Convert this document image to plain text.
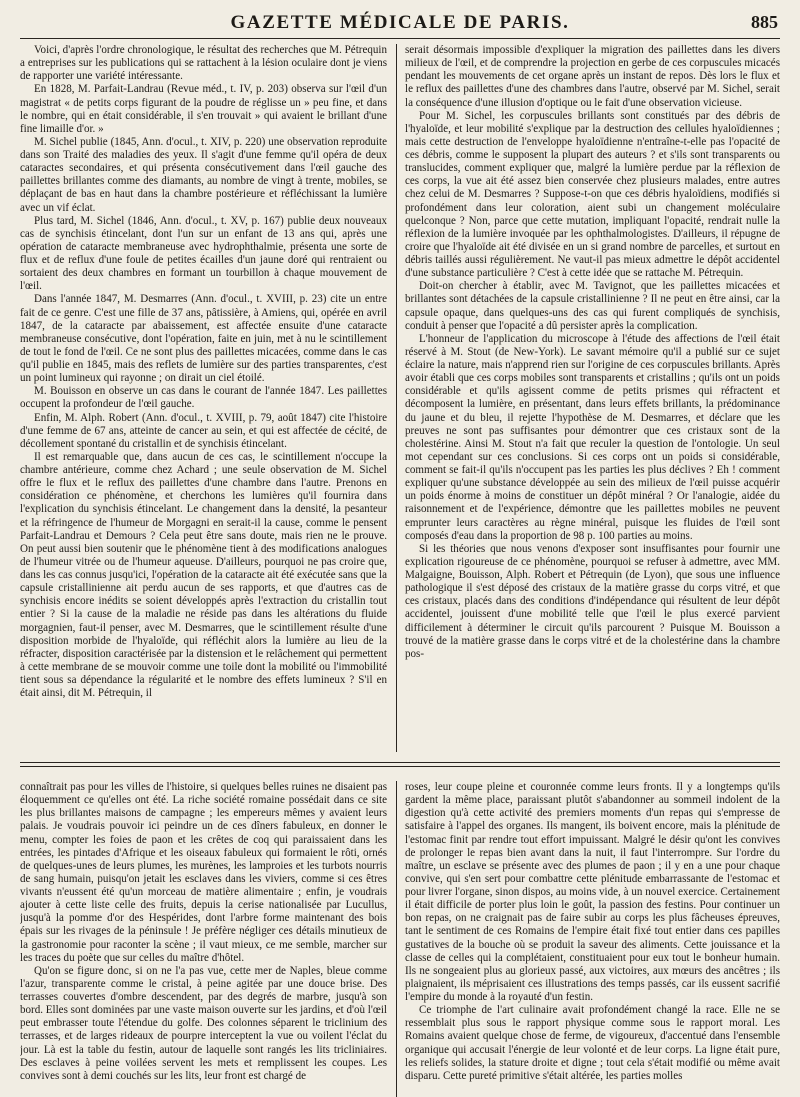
GAZETTE MÉDICALE DE PARIS.	885

Voici, d'après l'ordre chronologique, le résultat des recherches que M. Pétrequin a entreprises sur les publications qui se rattachent à la lésion oculaire dont je viens de rapporter une variété intéressante.

En 1828, M. Parfait-Landrau (Revue méd., t. IV, p. 203) observa sur l'œil d'un magistrat « de petits corps figurant de la poudre de réglisse un » peu fine, et dans le nombre, qui en était considérable, il s'en trouvait » qui avaient le brillant d'une fine limaille d'or. »

M. Sichel publie (1845, Ann. d'ocul., t. XIV, p. 220) une observation reproduite dans son Traité des maladies des yeux. Il s'agit d'une femme qu'il opéra de deux cataractes secondaires, et qui présenta consécutivement dans l'œil gauche des paillettes brillantes comme des diamants, au nombre de vingt à trente, mobiles, se déplaçant de bas en haut dans la chambre postérieure et réfléchissant la lumière avec un vif éclat.

Plus tard, M. Sichel (1846, Ann. d'ocul., t. XV, p. 167) publie deux nouveaux cas de synchisis étincelant, dont l'un sur un enfant de 13 ans qui, après une opération de cataracte membraneuse avec hydrophthalmie, présenta une sorte de flux et de reflux d'une foule de petites écailles d'un jaune doré qui rentraient ou sortaient des deux chambres en formant un tourbillon à chaque mouvement de l'œil.

Dans l'année 1847, M. Desmarres (Ann. d'ocul., t. XVIII, p. 23) cite un entre fait de ce genre. C'est une fille de 37 ans, pâtissière, à Amiens, qui, opérée en avril 1847, de la cataracte par abaissement, est affectée ensuite d'une cataracte membraneuse consécutive, dont l'opération, faite en juin, met à nu le scintillement de tout le fond de l'œil. Ce ne sont plus des paillettes micacées, comme dans le cas qu'il publie en 1845, mais des reflets de lumière sur des parties transparentes, c'est un point lumineux qui rayonne ; on dirait un ciel étoilé.

M. Bouisson en observe un cas dans le courant de l'année 1847. Les paillettes occupent la profondeur de l'œil gauche.

Enfin, M. Alph. Robert (Ann. d'ocul., t. XVIII, p. 79, août 1847) cite l'histoire d'une femme de 67 ans, atteinte de cancer au sein, et qui est affectée de cécité, de décollement spontané du cristallin et de synchisis étincelant.

Il est remarquable que, dans aucun de ces cas, le scintillement n'occupe la chambre antérieure, comme chez Achard ; une seule observation de M. Sichel offre le flux et le reflux des paillettes d'une chambre dans l'autre. Prenons en considération ce phénomène, et cherchons les lumières qu'il fournira dans l'explication du synchisis étincelant. Le changement dans la densité, la pesanteur et la réfringence de l'humeur de Morgagni en serait-il la cause, comme le pensent Parfait-Landrau et Demours ? Cela peut être sans doute, mais rien ne le prouve. On peut aussi bien soutenir que le phénomène tient à des modifications analogues de l'humeur vitrée ou de l'humeur aqueuse. D'ailleurs, pourquoi ne pas croire que, dans les cas connus jusqu'ici, l'opération de la cataracte ait été exécutée sans que la capsule cristallinienne ait perdu aucun de ses rapports, et que d'autres cas de synchisis encore inédits se soient développés après l'extraction du cristallin tout entier ? Si la cause de la maladie ne réside pas dans les altérations du fluide morgagnien, faut-il penser, avec M. Desmarres, que le scintillement résulte d'une disposition morbide de l'hyaloïde, qui réfléchit alors la lumière au lieu de la réfracter, disposition caractérisée par la distension et le relâchement qui permettent à cette membrane de se mouvoir comme une toile dont la mobilité ou l'immobilité tient sous sa dépendance la régularité et le nombre des effets lumineux ? S'il en était ainsi, dit M. Pétrequin, il

serait désormais impossible d'expliquer la migration des paillettes dans les divers milieux de l'œil, et de comprendre la projection en gerbe de ces corpuscules micacés pendant les mouvements de cet organe après un instant de repos. Dès lors le flux et le reflux des paillettes d'une des chambres dans l'autre, observé par M. Sichel, serait la conséquence d'une illusion d'optique ou le fait d'une observation vicieuse.

Pour M. Sichel, les corpuscules brillants sont constitués par des débris de l'hyaloïde, et leur mobilité s'explique par la destruction des cellules hyaloïdiennes ; mais cette destruction de l'enveloppe hyaloïdienne n'entraîne-t-elle pas l'opacité de ces débris, comme le supposent la plupart des auteurs ? et s'ils sont transparents ou translucides, comment expliquer que, malgré la lumière perdue par la réflexion de ces corps, la vue ait été assez bien conservée chez plusieurs malades, entre autres chez celui de M. Desmarres ? Suppose-t-on que ces débris hyaloïdiens, modifiés si profondément dans leur coloration, aient subi un changement moléculaire quelconque ? Non, parce que cette mutation, impliquant l'opacité, rendrait nulle la réflexion de la lumière invoquée par les ophthalmologistes. D'ailleurs, il répugne de croire que l'hyaloïde ait été divisée en un si grand nombre de parcelles, et surtout en débris taillés aussi régulièrement. Ne vaut-il pas mieux admettre le dépôt accidentel d'une substance particulière ? C'est à cette idée que se rattache M. Pétrequin.

Doit-on chercher à établir, avec M. Tavignot, que les paillettes micacées et brillantes sont détachées de la capsule cristallinienne ? Il ne peut en être ainsi, car la capsule opaque, dans quelques-uns des cas qui furent compliqués de synchisis, conduit à penser que l'opacité a dû persister après la complication.

L'honneur de l'application du microscope à l'étude des affections de l'œil était réservé à M. Stout (de New-York). Le savant mémoire qu'il a publié sur ce sujet éclaire la nature, mais n'apprend rien sur l'origine de ces corpuscules brillants. Après avoir établi que ces corps mobiles sont transparents et cristallins ; qu'ils ont un poids considérable et qu'ils agissent comme de petits prismes qui réfractent et décomposent la lumière, en présentant, dans leurs effets brillants, la prédominance du jaune et du bleu, il rejette l'hypothèse de M. Desmarres, et déclare que les preuves ne sont pas suffisantes pour démontrer que ces cristaux sont de la cholestérine. Ainsi M. Stout n'a fait que reculer la question de l'ontologie. Un seul mot cependant sur ces conclusions. Si ces corps ont un poids si considérable, comment se fait-il qu'ils n'occupent pas les parties les plus déclives ? Eh ! comment expliquer qu'une substance développée au sein des milieux de l'œil puisse acquérir un poids énorme à moins de constituer un dépôt minéral ? Or l'analogie, aidée du raisonnement et de l'expérience, démontre que les paillettes mobiles ne peuvent emprunter leurs caractères au règne minéral, puisque les fluides de l'œil sont composés d'eau dans la proportion de 98 p. 100 parties au moins.

Si les théories que nous venons d'exposer sont insuffisantes pour fournir une explication rigoureuse de ce phénomène, pourquoi se refuser à admettre, avec MM. Malgaigne, Bouisson, Alph. Robert et Pétrequin (de Lyon), que sous une influence pathologique il s'est déposé des cristaux de la matière grasse du corps vitré, et que ces cristaux, placés dans des conditions d'indépendance qui résultent de leur dépôt accidentel, jouissent d'une mobilité telle que l'œil le plus exercé parvient difficilement à déterminer le circuit qu'ils parcourent ? Puisque M. Bouisson a trouvé de la matière grasse dans le corps vitré et de la cholestérine dans la chambre pos-

connaîtrait pas pour les villes de l'histoire, si quelques belles ruines ne disaient pas éloquemment ce qu'elles ont été. La riche société romaine possédait dans ce site les plus brillantes maisons de campagne ; les empereurs mêmes y avaient leurs palais. Je voudrais pouvoir ici peindre un de ces dîners fabuleux, en donner le menu, compter les foies de paon et les crêtes de coq qui paraissaient dans les entrées, les pintades d'Afrique et les oiseaux fabuleux qui formaient le rôti, ornés de quelques-unes de leurs plumes, les murènes, les lamproies et les turbots nourris de sang humain, puisqu'on jetait les esclaves dans les viviers, comme si ces êtres vivants n'eussent été qu'un morceau de matière alimentaire ; enfin, je voudrais ajouter à cette liste celle des fruits, depuis la cerise nationalisée par Lucullus, jusqu'à la pomme d'or des Hespérides, dont l'arbre forme maintenant des bois épais sur les rivages de la péninsule ! Je préfère négliger ces détails minutieux de la gastronomie pour raconter la scène ; il vaut mieux, ce me semble, marcher sur les traces du poète que sur celles du maître d'hôtel.

Qu'on se figure donc, si on ne l'a pas vue, cette mer de Naples, bleue comme l'azur, transparente comme le cristal, à peine agitée par une douce brise. Des terrasses couvertes d'ombre descendent, par des degrés de marbre, jusqu'à son bord. Elles sont dominées par une vaste maison ouverte sur les jardins, et d'où l'œil peut embrasser toute l'étendue du golfe. Des colonnes séparent le triclinium des terrasses, et de larges rideaux de pourpre interceptent la vue ou voilent l'éclat du jour. Là est la table du festin, autour de laquelle sont rangés les lits tricliniaires. Des esclaves à peine voilées servent les mets et remplissent les coupes. Les convives sont à demi couchés sur les lits, leur front est chargé de

roses, leur coupe pleine et couronnée comme leurs fronts. Il y a longtemps qu'ils gardent la même place, paraissant plutôt s'abandonner au sommeil indolent de la digestion qu'à cette activité des premiers moments d'un repas qui s'empresse de satisfaire à l'appel des organes. Ils mangent, ils boivent encore, mais la plénitude de l'estomac finit par rendre tout effort impuissant. Malgré le désir qu'ont les convives de prolonger le repas bien avant dans la nuit, il faut l'interrompre. Sur l'ordre du maître, un esclave se présente avec des plumes de paon ; il y en a une pour chaque convive, qui s'en sert pour combattre cette plénitude embarrassante de l'estomac et pour livrer l'organe, sinon dispos, au moins vide, à un nouvel exercice. Certainement il était difficile de porter plus loin le goût, la passion des festins. Pour continuer un bon repas, on ne craignait pas de faire subir au corps les plus fâcheuses épreuves, tant le sentiment de ces Romains de l'empire était fixé tout entier dans ces papilles gustatives de la bouche où se produit la saveur des aliments. Cette jouissance et la classe de celles qui la complétaient, constituaient pour eux tout le bonheur humain. Ils ne songeaient plus au glorieux passé, aux victoires, aux mœurs des ancêtres ; ils plaignaient, ils méprisaient ces illustrations des temps passés, car ils eussent sacrifié l'empire du monde à la royauté d'un festin.

Ce triomphe de l'art culinaire avait profondément changé la race. Elle ne se ressemblait plus sous le rapport physique comme sous le rapport moral. Les Romains avaient quelque chose de ferme, de vigoureux, d'accentué dans l'ensemble organique qui accusait l'énergie de leur volonté et de leur corps. La ligne était pure, les reliefs solides, la stature droite et digne ; tout cela s'était modifié ou même avait disparu. Cette pureté primitive s'était altérée, les parties molles
